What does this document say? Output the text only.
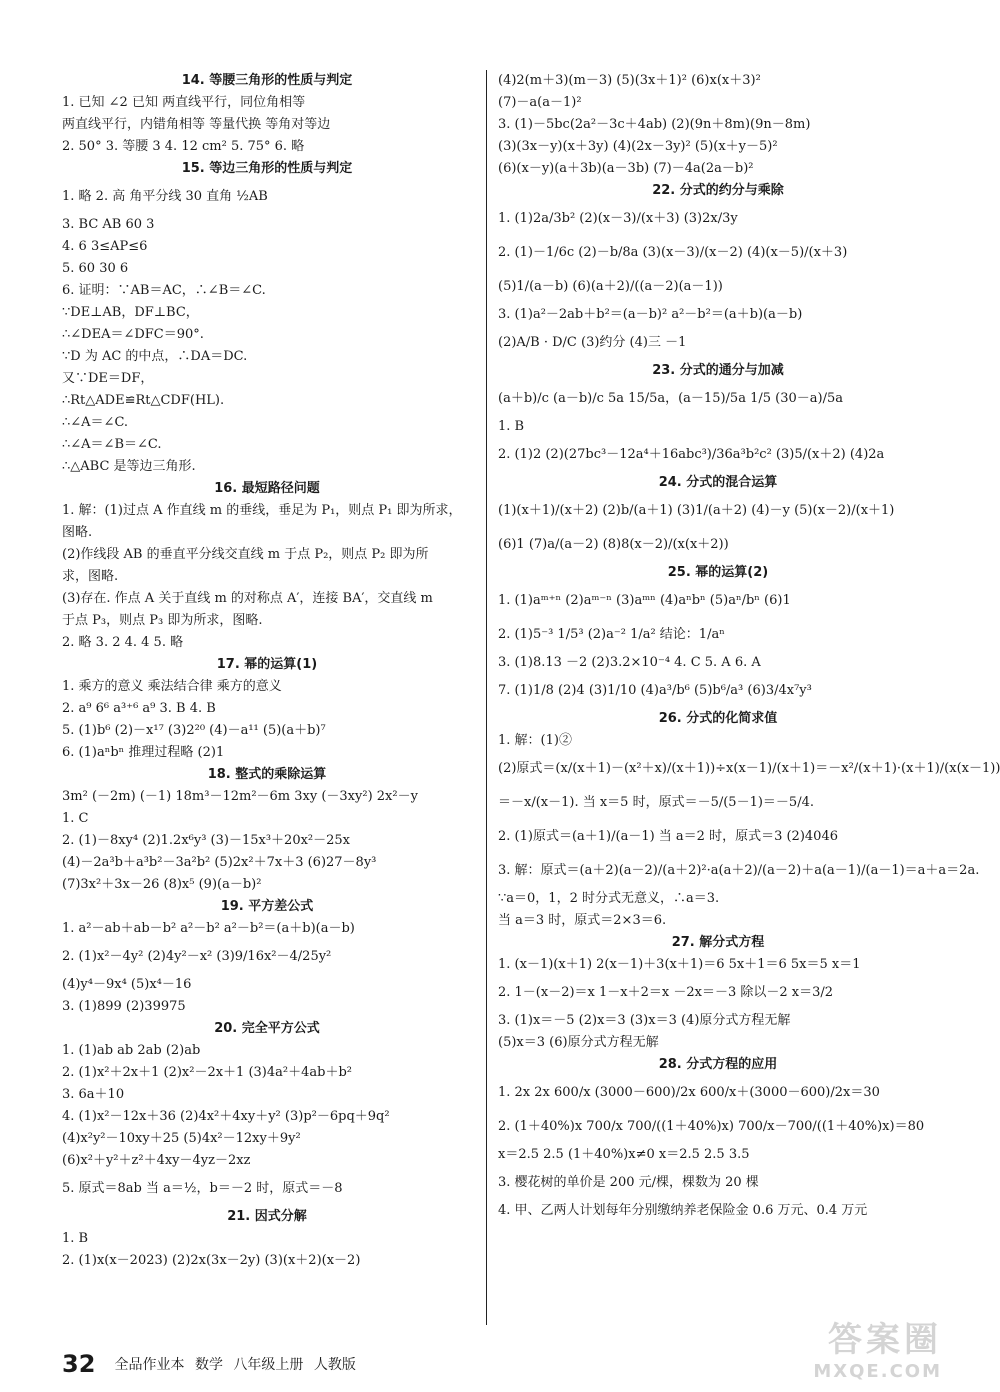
14. 等腰三角形的性质与判定
1. 已知 ∠2 已知 两直线平行，同位角相等
两直线平行，内错角相等 等量代换 等角对等边
2. 50° 3. 等腰 3 4. 12 cm² 5. 75° 6. 略
15. 等边三角形的性质与判定
1. 略 2. 高 角平分线 30 直角 ½AB
3. BC AB 60 3
4. 6 3≤AP≤6
5. 60 30 6
6. 证明：∵AB＝AC，∴∠B＝∠C.
∵DE⊥AB，DF⊥BC，
∴∠DEA＝∠DFC＝90°.
∵D 为 AC 的中点，∴DA＝DC.
又∵DE＝DF，
∴Rt△ADE≌Rt△CDF(HL).
∴∠A＝∠C.
∴∠A＝∠B＝∠C.
∴△ABC 是等边三角形.
16. 最短路径问题
1. 解：(1)过点 A 作直线 m 的垂线，垂足为 P₁，则点 P₁ 即为所求，
图略.
(2)作线段 AB 的垂直平分线交直线 m 于点 P₂，则点 P₂ 即为所
求，图略.
(3)存在. 作点 A 关于直线 m 的对称点 A′，连接 BA′，交直线 m
于点 P₃，则点 P₃ 即为所求，图略.
2. 略 3. 2 4. 4 5. 略
17. 幂的运算(1)
1. 乘方的意义 乘法结合律 乘方的意义
2. a⁹ 6⁶ a³⁺⁶ a⁹ 3. B 4. B
5. (1)b⁶ (2)－x¹⁷ (3)2²⁰ (4)－a¹¹ (5)(a＋b)⁷
6. (1)aⁿbⁿ 推理过程略 (2)1
18. 整式的乘除运算
3m² (－2m) (－1) 18m³－12m²－6m 3xy (－3xy²) 2x²－y
1. C
2. (1)－8xy⁴ (2)1.2x⁶y³ (3)－15x³＋20x²－25x
(4)－2a³b＋a³b²－3a²b² (5)2x²＋7x＋3 (6)27－8y³
(7)3x²＋3x－26 (8)x⁵ (9)(a－b)²
19. 平方差公式
1. a²－ab＋ab－b² a²－b² a²－b²＝(a＋b)(a－b)
2. (1)x²－4y² (2)4y²－x² (3)9/16x²－4/25y²
(4)y⁴－9x⁴ (5)x⁴－16
3. (1)899 (2)39975
20. 完全平方公式
1. (1)ab ab 2ab (2)ab
2. (1)x²＋2x＋1 (2)x²－2x＋1 (3)4a²＋4ab＋b²
3. 6a＋10
4. (1)x²－12x＋36 (2)4x²＋4xy＋y² (3)p²－6pq＋9q²
(4)x²y²－10xy＋25 (5)4x²－12xy＋9y²
(6)x²＋y²＋z²＋4xy－4yz－2xz
5. 原式＝8ab 当 a＝½，b＝－2 时，原式＝－8
21. 因式分解
1. B
2. (1)x(x－2023) (2)2x(3x－2y) (3)(x＋2)(x－2)
(4)2(m＋3)(m－3) (5)(3x＋1)² (6)x(x＋3)²
(7)－a(a－1)²
3. (1)－5bc(2a²－3c＋4ab) (2)(9n＋8m)(9n－8m)
(3)(3x－y)(x＋3y) (4)(2x－3y)² (5)(x＋y－5)²
(6)(x－y)(a＋3b)(a－3b) (7)－4a(2a－b)²
22. 分式的约分与乘除
1. (1)2a/3b² (2)(x－3)/(x＋3) (3)2x/3y
2. (1)－1/6c (2)－b/8a (3)(x－3)/(x－2) (4)(x－5)/(x＋3)
(5)1/(a－b) (6)(a＋2)/((a－2)(a－1))
3. (1)a²－2ab＋b²＝(a－b)² a²－b²＝(a＋b)(a－b)
(2)A/B · D/C (3)约分 (4)三 －1
23. 分式的通分与加减
(a＋b)/c (a－b)/c 5a 15/5a，(a－15)/5a 1/5 (30－a)/5a
1. B
2. (1)2 (2)(27bc³－12a⁴＋16abc³)/36a³b²c² (3)5/(x＋2) (4)2a
24. 分式的混合运算
(1)(x＋1)/(x＋2) (2)b/(a＋1) (3)1/(a＋2) (4)－y (5)(x－2)/(x＋1)
(6)1 (7)a/(a－2) (8)8(x－2)/(x(x＋2))
25. 幂的运算(2)
1. (1)aᵐ⁺ⁿ (2)aᵐ⁻ⁿ (3)aᵐⁿ (4)aⁿbⁿ (5)aⁿ/bⁿ (6)1
2. (1)5⁻³ 1/5³ (2)a⁻² 1/a² 结论：1/aⁿ
3. (1)8.13 －2 (2)3.2×10⁻⁴ 4. C 5. A 6. A
7. (1)1/8 (2)4 (3)1/10 (4)a³/b⁶ (5)b⁶/a³ (6)3/4x⁷y³
26. 分式的化简求值
1. 解：(1)②
(2)原式＝(x/(x＋1)－(x²＋x)/(x＋1))÷x(x－1)/(x＋1)＝－x²/(x＋1)·(x＋1)/(x(x－1))
＝－x/(x－1). 当 x＝5 时，原式＝－5/(5－1)＝－5/4.
2. (1)原式＝(a＋1)/(a－1) 当 a＝2 时，原式＝3 (2)4046
3. 解：原式＝(a＋2)(a－2)/(a＋2)²·a(a＋2)/(a－2)＋a(a－1)/(a－1)＝a＋a＝2a.
∵a＝0，1，2 时分式无意义，∴a＝3.
当 a＝3 时，原式＝2×3＝6.
27. 解分式方程
1. (x－1)(x＋1) 2(x－1)＋3(x＋1)＝6 5x＋1＝6 5x＝5 x＝1
2. 1－(x－2)＝x 1－x＋2＝x －2x＝－3 除以－2 x＝3/2
3. (1)x＝－5 (2)x＝3 (3)x＝3 (4)原分式方程无解
(5)x＝3 (6)原分式方程无解
28. 分式方程的应用
1. 2x 2x 600/x (3000－600)/2x 600/x＋(3000－600)/2x＝30
2. (1＋40%)x 700/x 700/((1＋40%)x) 700/x－700/((1＋40%)x)＝80
x＝2.5 2.5 (1＋40%)x≠0 x＝2.5 2.5 3.5
3. 樱花树的单价是 200 元/棵，棵数为 20 棵
4. 甲、乙两人计划每年分别缴纳养老保险金 0.6 万元、0.4 万元
32 全品作业本 数学 八年级上册 人教版
答案圈
MXQE.COM
